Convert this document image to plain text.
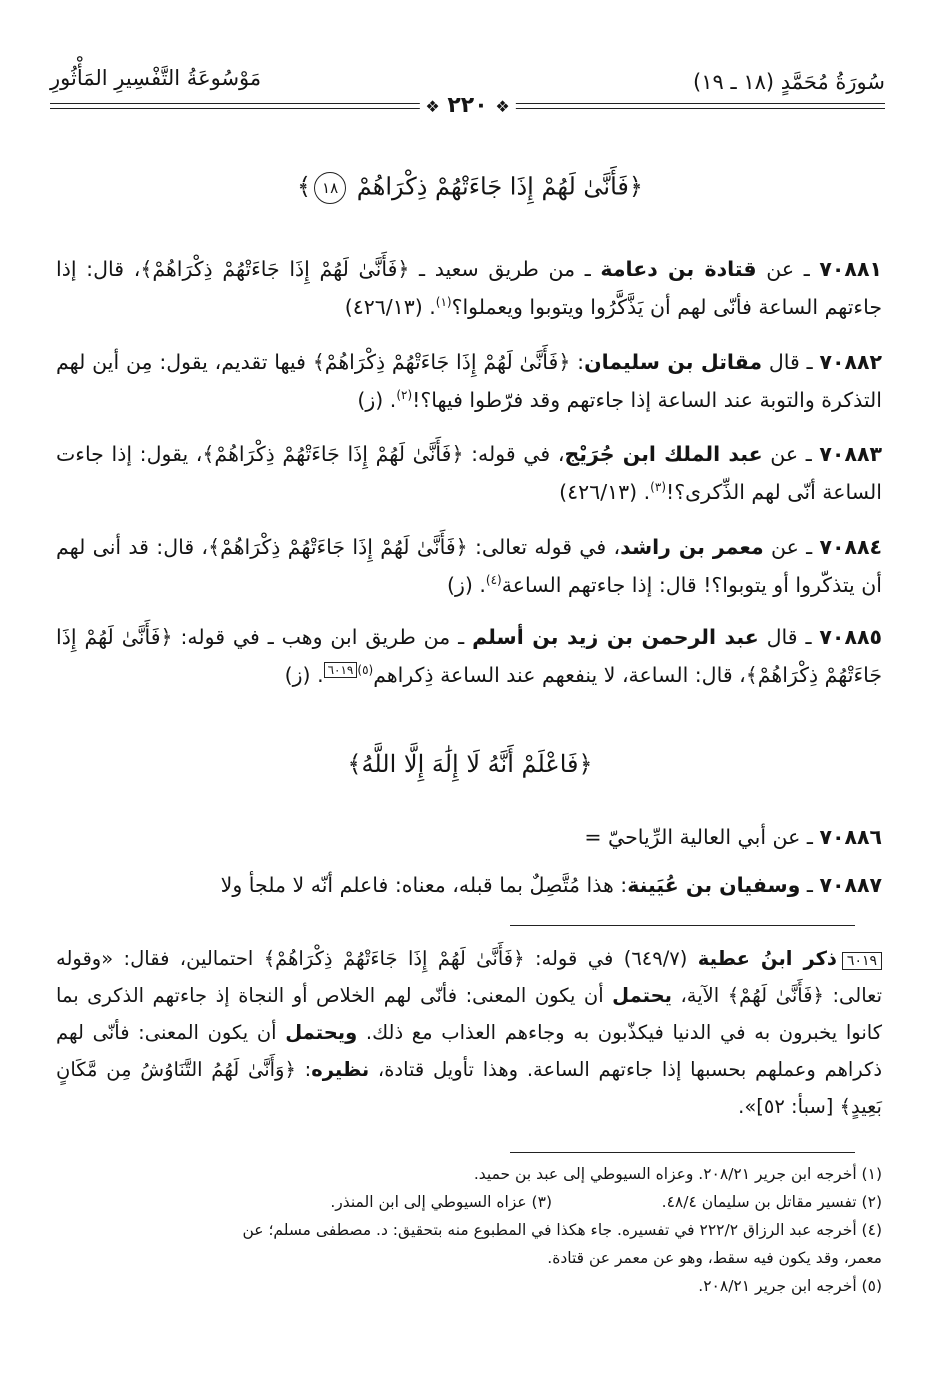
سُورَةُ مُحَمَّدٍ (١٨ ـ ١٩)
مَوْسُوعَةُ التَّفْسِيرِ المَأْثُورِ
❖ ٢٢٠ ❖
﴿فَأَنَّىٰ لَهُمْ إِذَا جَاءَتْهُمْ ذِكْرَاهُمْ ١٨﴾
٧٠٨٨١ ـ عن قتادة بن دعامة ـ من طريق سعيد ـ ﴿فَأَنَّىٰ لَهُمْ إِذَا جَاءَتْهُمْ ذِكْرَاهُمْ﴾، قال: إذا جاءتهم الساعة فأنّى لهم أن يَذَّكَّرُوا ويتوبوا ويعملوا؟$^{(١)}$. (٤٢٦/١٣)
٧٠٨٨٢ ـ قال مقاتل بن سليمان: ﴿فَأَنَّىٰ لَهُمْ إِذَا جَاءَتْهُمْ ذِكْرَاهُمْ﴾ فيها تقديم، يقول: مِن أين لهم التذكرة والتوبة عند الساعة إذا جاءتهم وقد فرّطوا فيها؟!$^{(٢)}$. (ز)
٧٠٨٨٣ ـ عن عبد الملك ابن جُرَيْج، في قوله: ﴿فَأَنَّىٰ لَهُمْ إِذَا جَاءَتْهُمْ ذِكْرَاهُمْ﴾، يقول: إذا جاءت الساعة أنّى لهم الذِّكرى؟!$^{(٣)}$. (٤٢٦/١٣)
٧٠٨٨٤ ـ عن معمر بن راشد، في قوله تعالى: ﴿فَأَنَّىٰ لَهُمْ إِذَا جَاءَتْهُمْ ذِكْرَاهُمْ﴾، قال: قد أنى لهم أن يتذكّروا أو يتوبوا؟! قال: إذا جاءتهم الساعة$^{(٤)}$. (ز)
٧٠٨٨٥ ـ قال عبد الرحمن بن زيد بن أسلم ـ من طريق ابن وهب ـ في قوله: ﴿فَأَنَّىٰ لَهُمْ إِذَا جَاءَتْهُمْ ذِكْرَاهُمْ﴾، قال: الساعة، لا ينفعهم عند الساعة ذِكراهم$^{(٥)}$٦٠١٩. (ز)
﴿فَاعْلَمْ أَنَّهُ لَا إِلَٰهَ إِلَّا اللَّهُ﴾
٧٠٨٨٦ ـ عن أبي العالية الرِّياحيّ =
٧٠٨٨٧ ـ وسفيان بن عُيَينة: هذا مُتَّصِلٌ بما قبله، معناه: فاعلم أنّه لا ملجأ ولا
٦٠١٩ذكر ابنُ عطية (٦٤٩/٧) في قوله: ﴿فَأَنَّىٰ لَهُمْ إِذَا جَاءَتْهُمْ ذِكْرَاهُمْ﴾ احتمالين، فقال: «وقوله تعالى: ﴿فَأَنَّىٰ لَهُمْ﴾ الآية، يحتمل أن يكون المعنى: فأنّى لهم الخلاص أو النجاة إذ جاءتهم الذكرى بما كانوا يخبرون به في الدنيا فيكذّبون به وجاءهم العذاب مع ذلك. ويحتمل أن يكون المعنى: فأنّى لهم ذكراهم وعملهم بحسبها إذا جاءتهم الساعة. وهذا تأويل قتادة، نظيره: ﴿وَأَنَّىٰ لَهُمُ التَّنَاوُشُ مِن مَّكَانٍ بَعِيدٍ﴾ [سبأ: ٥٢]».
(١) أخرجه ابن جرير ٢٠٨/٢١. وعزاه السيوطي إلى عبد بن حميد.
(٢) تفسير مقاتل بن سليمان ٤٨/٤.
(٣) عزاه السيوطي إلى ابن المنذر.
(٤) أخرجه عبد الرزاق ٢٢٢/٢ في تفسيره. جاء هكذا في المطبوع منه بتحقيق: د. مصطفى مسلم؛ عن
معمر، وقد يكون فيه سقط، وهو عن معمر عن قتادة.
(٥) أخرجه ابن جرير ٢٠٨/٢١.
